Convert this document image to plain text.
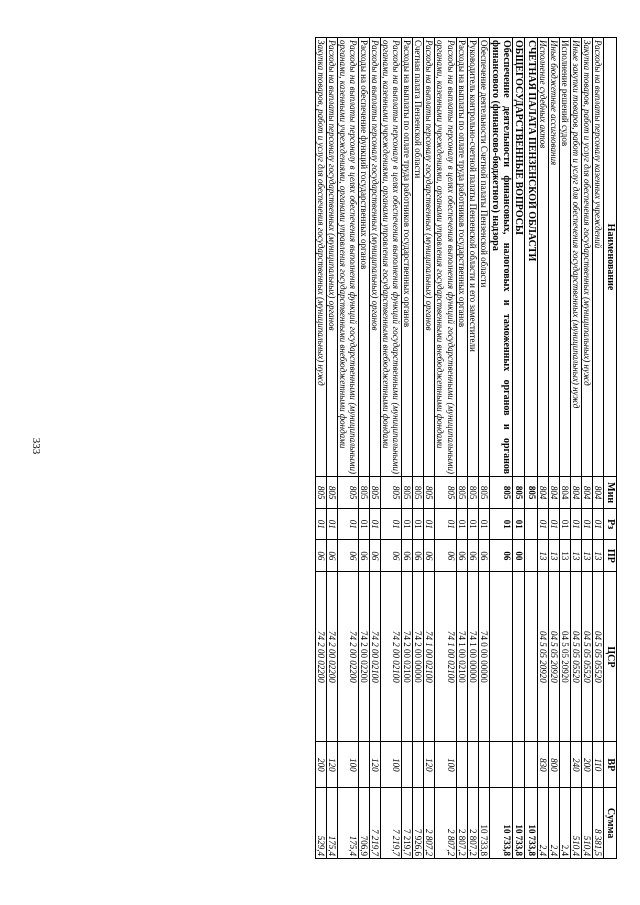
333
Наименование	Мин	Рз	ПР	ЦСР	ВР	Сумма
Расходы на выплаты персоналу казенных учреждений	804	01	13	04 5 05 05520	110	8 381,5
Закупка товаров, работ и услуг для обеспечения государственных (муниципальных) нужд	804	01	13	04 5 05 05520	200	510,4
Иные закупки товаров, работ и услуг для обеспечения государственных (муниципальных) нужд	804	01	13	04 5 05 05520	240	510,4
Исполнение решений судов	804	01	13	04 5 05 20920		2,4
Иные бюджетные ассигнования	804	01	13	04 5 05 20920	800	2,4
Исполнение судебных актов	804	01	13	04 5 05 20920	830	2,4
СЧЕТНАЯ ПАЛАТА ПЕНЗЕНСКОЙ ОБЛАСТИ	805					10 733,8
ОБЩЕГОСУДАРСТВЕННЫЕ ВОПРОСЫ	805	01	00			10 733,8
Обеспечение деятельности финансовых, налоговых и таможенных органов и органов финансового (финансово-бюджетного) надзора	805	01	06			10 733,8
Обеспечение деятельности Счетной палаты Пензенской области	805	01	06	74 0 00 00000		10 733,8
Руководитель контрольно-счетной палаты Пензенской области и его заместители	805	01	06	74 1 00 00000		2 807,2
Расходы на выплаты по оплате труда работников государственных органов	805	01	06	74 1 00 02100		2 807,2
Расходы на выплаты персоналу в целях обеспечения выполнения функций государственными (муниципальными) органами, казенными учреждениями, органами управления государственными внебюджетными фондами	805	01	06	74 1 00 02100	100	2 807,2
Расходы на выплаты персоналу государственных (муниципальных) органов	805	01	06	74 1 00 02100	120	2 807,2
Счетная палата Пензенской области	805	01	06	74 2 00 00000		7 926,6
Расходы на выплаты по оплате труда работников государственных органов	805	01	06	74 2 00 02100		7 219,7
Расходы на выплаты персоналу в целях обеспечения выполнения функций государственными (муниципальными) органами, казенными учреждениями, органами управления государственными внебюджетными фондами	805	01	06	74 2 00 02100	100	7 219,7
Расходы на выплаты персоналу государственных (муниципальных) органов	805	01	06	74 2 00 02100	120	7 219,7
Расходы на обеспечение функций государственных органов	805	01	06	74 2 00 02200		706,9
Расходы на выплаты персоналу в целях обеспечения выполнения функций государственными (муниципальными) органами, казенными учреждениями, органами управления государственными внебюджетными фондами	805	01	06	74 2 00 02200	100	175,4
Расходы на выплаты персоналу государственных (муниципальных) органов	805	01	06	74 2 00 02200	120	175,4
Закупка товаров, работ и услуг для обеспечения государственных (муниципальных) нужд	805	01	06	74 2 00 02200	200	529,4
